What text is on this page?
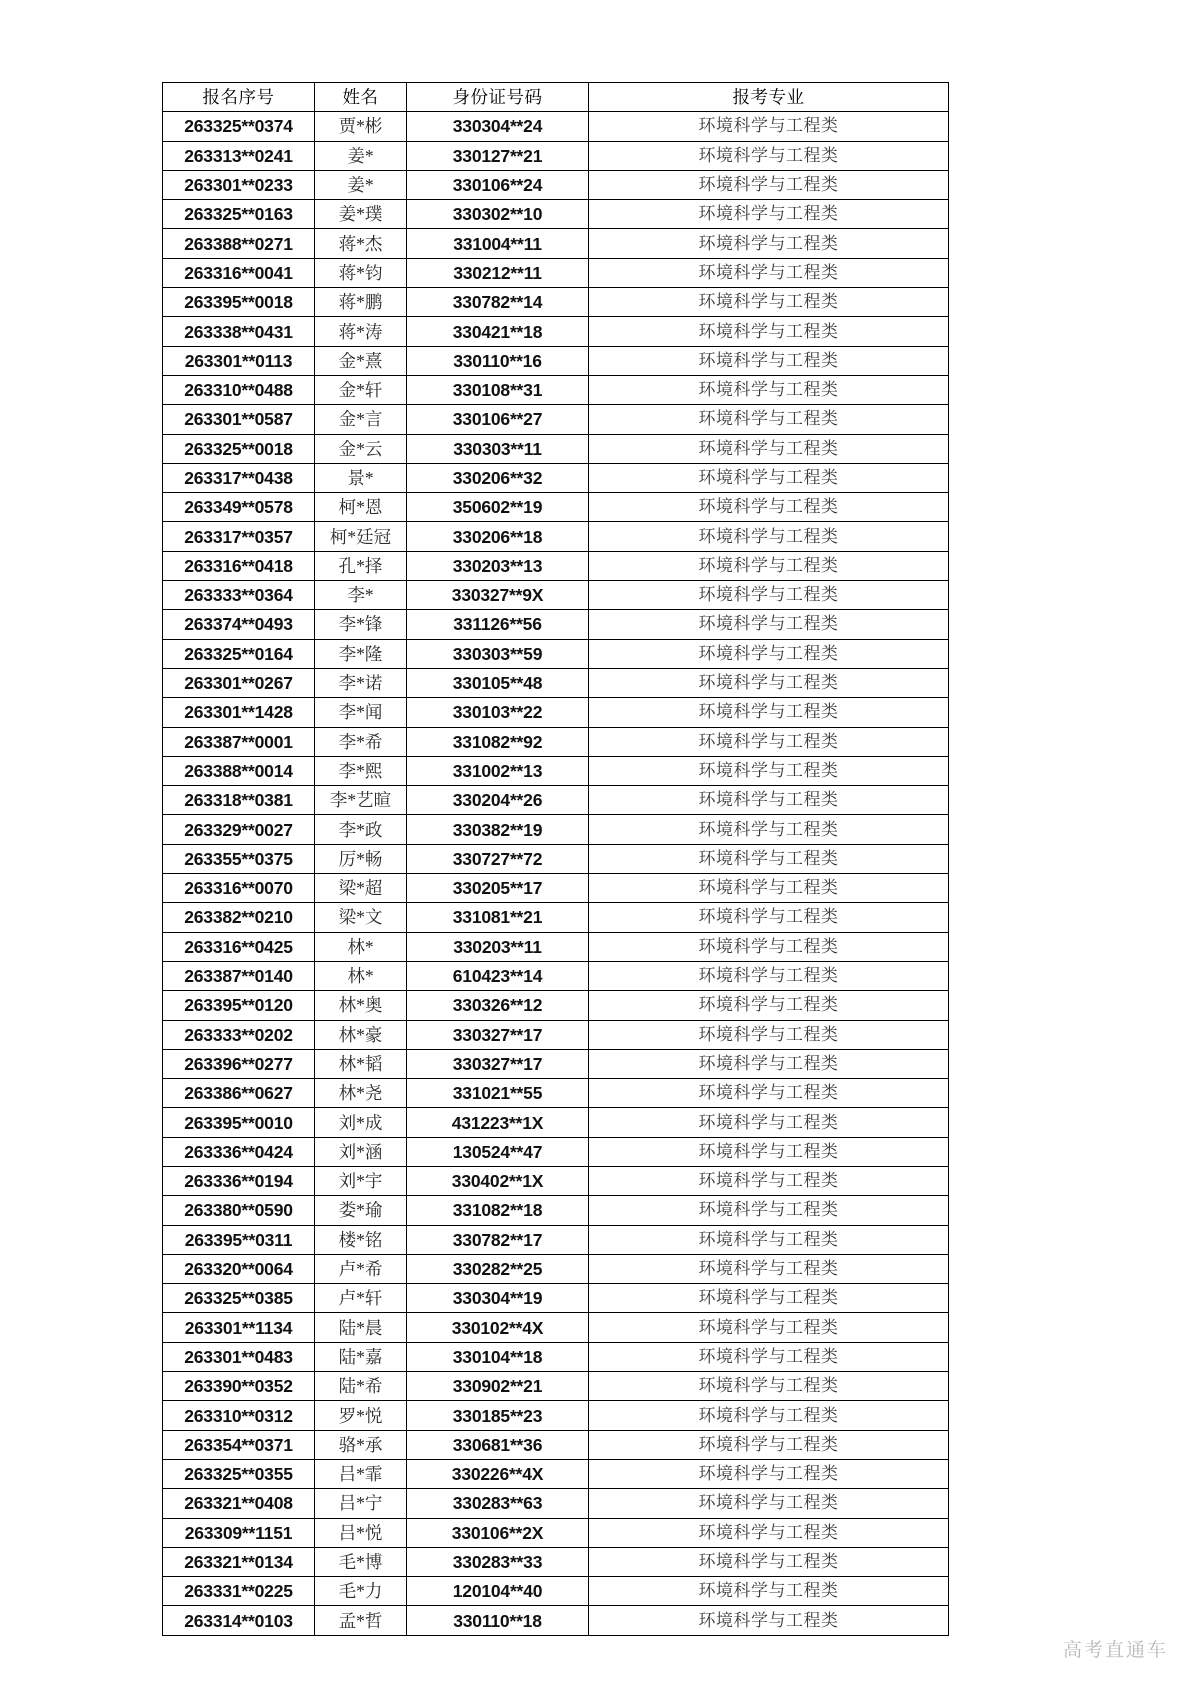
报名序号	姓名	身份证号码	报考专业
263325**0374	贾*彬	330304**24	环境科学与工程类
263313**0241	姜*	330127**21	环境科学与工程类
263301**0233	姜*	330106**24	环境科学与工程类
263325**0163	姜*璞	330302**10	环境科学与工程类
263388**0271	蒋*杰	331004**11	环境科学与工程类
263316**0041	蒋*钧	330212**11	环境科学与工程类
263395**0018	蒋*鹏	330782**14	环境科学与工程类
263338**0431	蒋*涛	330421**18	环境科学与工程类
263301**0113	金*熹	330110**16	环境科学与工程类
263310**0488	金*轩	330108**31	环境科学与工程类
263301**0587	金*言	330106**27	环境科学与工程类
263325**0018	金*云	330303**11	环境科学与工程类
263317**0438	景*	330206**32	环境科学与工程类
263349**0578	柯*恩	350602**19	环境科学与工程类
263317**0357	柯*廷冠	330206**18	环境科学与工程类
263316**0418	孔*择	330203**13	环境科学与工程类
263333**0364	李*	330327**9X	环境科学与工程类
263374**0493	李*锋	331126**56	环境科学与工程类
263325**0164	李*隆	330303**59	环境科学与工程类
263301**0267	李*诺	330105**48	环境科学与工程类
263301**1428	李*闻	330103**22	环境科学与工程类
263387**0001	李*希	331082**92	环境科学与工程类
263388**0014	李*熙	331002**13	环境科学与工程类
263318**0381	李*艺暄	330204**26	环境科学与工程类
263329**0027	李*政	330382**19	环境科学与工程类
263355**0375	厉*畅	330727**72	环境科学与工程类
263316**0070	梁*超	330205**17	环境科学与工程类
263382**0210	梁*文	331081**21	环境科学与工程类
263316**0425	林*	330203**11	环境科学与工程类
263387**0140	林*	610423**14	环境科学与工程类
263395**0120	林*奥	330326**12	环境科学与工程类
263333**0202	林*豪	330327**17	环境科学与工程类
263396**0277	林*韬	330327**17	环境科学与工程类
263386**0627	林*尧	331021**55	环境科学与工程类
263395**0010	刘*成	431223**1X	环境科学与工程类
263336**0424	刘*涵	130524**47	环境科学与工程类
263336**0194	刘*宇	330402**1X	环境科学与工程类
263380**0590	娄*瑜	331082**18	环境科学与工程类
263395**0311	楼*铭	330782**17	环境科学与工程类
263320**0064	卢*希	330282**25	环境科学与工程类
263325**0385	卢*轩	330304**19	环境科学与工程类
263301**1134	陆*晨	330102**4X	环境科学与工程类
263301**0483	陆*嘉	330104**18	环境科学与工程类
263390**0352	陆*希	330902**21	环境科学与工程类
263310**0312	罗*悦	330185**23	环境科学与工程类
263354**0371	骆*承	330681**36	环境科学与工程类
263325**0355	吕*霏	330226**4X	环境科学与工程类
263321**0408	吕*宁	330283**63	环境科学与工程类
263309**1151	吕*悦	330106**2X	环境科学与工程类
263321**0134	毛*博	330283**33	环境科学与工程类
263331**0225	毛*力	120104**40	环境科学与工程类
263314**0103	孟*哲	330110**18	环境科学与工程类
高考直通车
